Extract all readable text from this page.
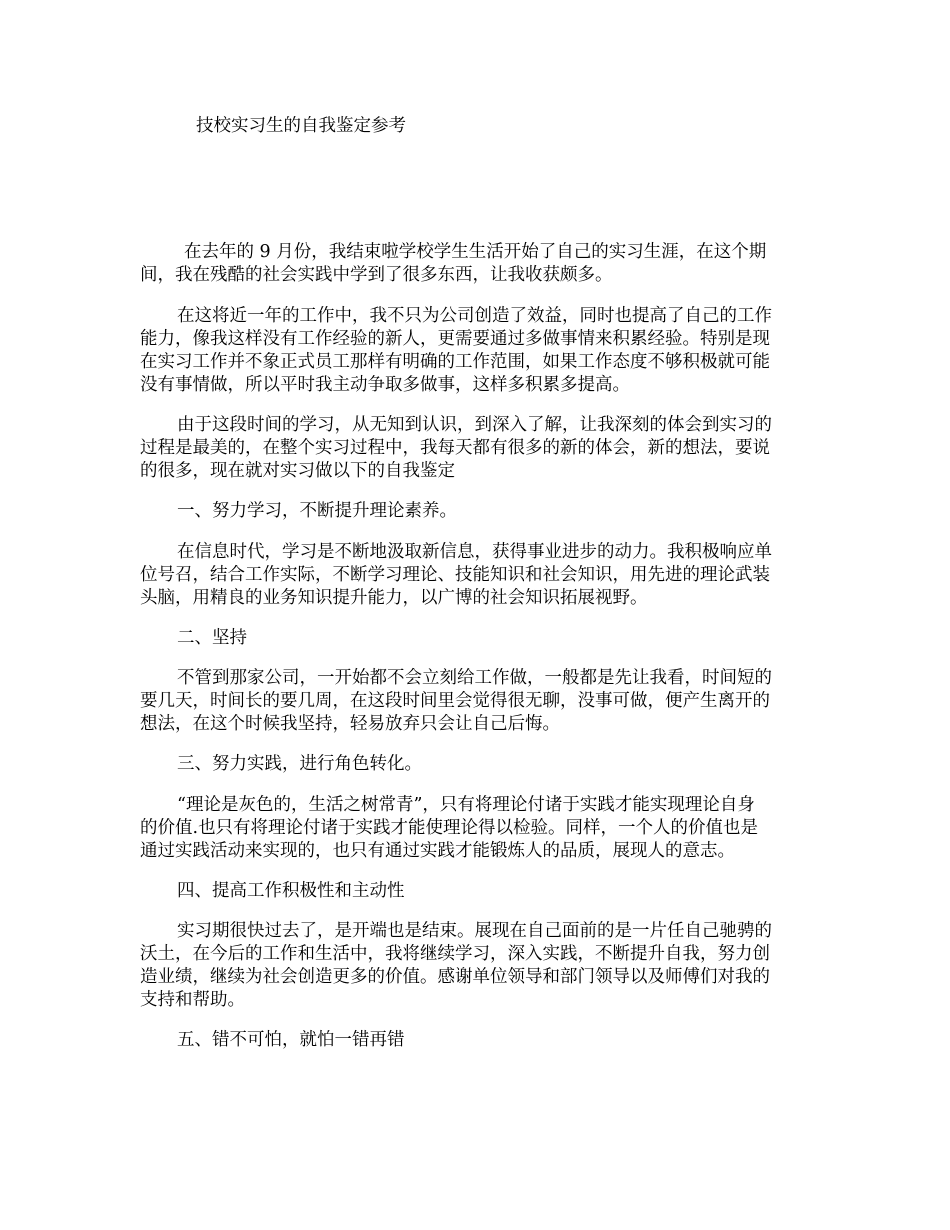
技校实习生的自我鉴定参考
在去年的 9 月份，我结束啦学校学生生活开始了自己的实习生涯，在这个期
间，我在残酷的社会实践中学到了很多东西，让我收获颇多。
在这将近一年的工作中，我不只为公司创造了效益，同时也提高了自己的工作
能力，像我这样没有工作经验的新人，更需要通过多做事情来积累经验。特别是现
在实习工作并不象正式员工那样有明确的工作范围，如果工作态度不够积极就可能
没有事情做，所以平时我主动争取多做事，这样多积累多提高。
由于这段时间的学习，从无知到认识，到深入了解，让我深刻的体会到实习的
过程是最美的，在整个实习过程中，我每天都有很多的新的体会，新的想法，要说
的很多，现在就对实习做以下的自我鉴定
一、努力学习，不断提升理论素养。
在信息时代，学习是不断地汲取新信息，获得事业进步的动力。我积极响应单
位号召，结合工作实际，不断学习理论、技能知识和社会知识，用先进的理论武装
头脑，用精良的业务知识提升能力，以广博的社会知识拓展视野。
二、坚持
不管到那家公司，一开始都不会立刻给工作做，一般都是先让我看，时间短的
要几天，时间长的要几周，在这段时间里会觉得很无聊，没事可做，便产生离开的
想法，在这个时候我坚持，轻易放弃只会让自己后悔。
三、努力实践，进行角色转化。
“理论是灰色的，生活之树常青”，只有将理论付诸于实践才能实现理论自身
的价值.也只有将理论付诸于实践才能使理论得以检验。同样，一个人的价值也是
通过实践活动来实现的，也只有通过实践才能锻炼人的品质，展现人的意志。
四、提高工作积极性和主动性
实习期很快过去了，是开端也是结束。展现在自己面前的是一片任自己驰骋的
沃土，在今后的工作和生活中，我将继续学习，深入实践，不断提升自我，努力创
造业绩，继续为社会创造更多的价值。感谢单位领导和部门领导以及师傅们对我的
支持和帮助。
五、错不可怕，就怕一错再错
